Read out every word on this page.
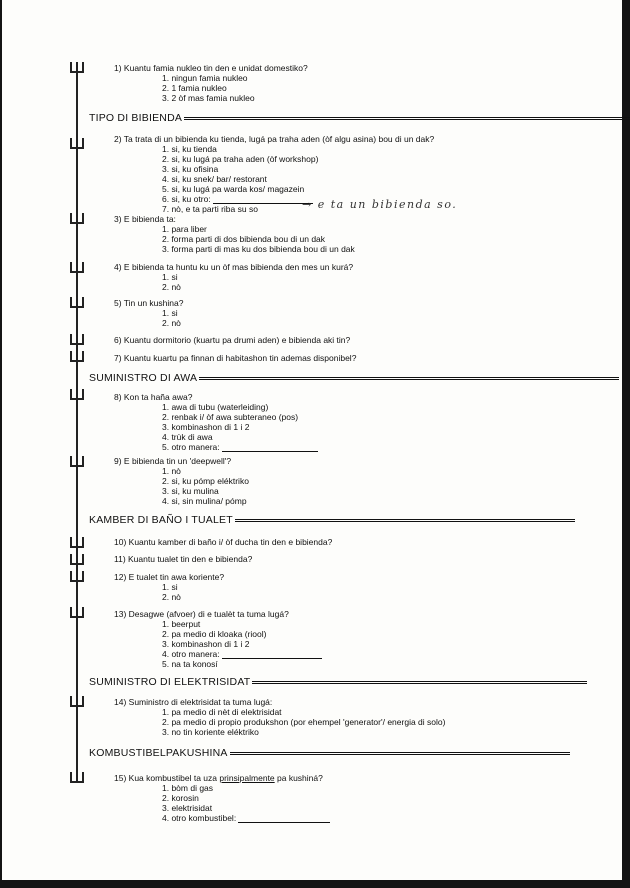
1) Kuantu famia nukleo tin den e unidat domestiko?
1. ningun famia nukleo
2. 1 famia nukleo
3. 2 òf mas famia nukleo
TIPO DI BIBIENDA
2) Ta trata di un bibienda ku tienda, lugá pa traha aden (òf algu asina) bou di un dak?
1. si, ku tienda
2. si, ku lugá pa traha aden (òf workshop)
3. si, ku ofisina
4. si, ku snek/ bar/ restorant
5. si, ku lugá pa warda kos/ magazein
6. si, ku otro:
7. nò, e ta parti riba su so	→ e ta un bibienda so.
3) E bibienda ta:
1. para liber
2. forma parti di dos bibienda bou di un dak
3. forma parti di mas ku dos bibienda bou di un dak
4) E bibienda ta huntu ku un òf mas bibienda den mes un kurá?
1. si
2. nò
5) Tin un kushina?
1. si
2. nò
6) Kuantu dormitorio (kuartu pa drumi aden) e bibienda aki tin?
7) Kuantu kuartu pa finnan di habitashon tin ademas disponibel?
SUMINISTRO DI AWA
8) Kon ta haña awa?
1. awa di tubu (waterleiding)
2. renbak i/ òf awa subteraneo (pos)
3. kombinashon di 1 i 2
4. trùk di awa
5. otro manera:
9) E bibienda tin un 'deepwell'?
1. nò
2. si, ku pómp eléktriko
3. si, ku mulina
4. si, sin mulina/ pómp
KAMBER DI BAÑO I TUALET
10) Kuantu kamber di baño i/ òf ducha tin den e bibienda?
11) Kuantu tualet tin den e bibienda?
12) E tualet tin awa koriente?
1. si
2. nò
13) Desagwe (afvoer) di e tualèt ta tuma lugá?
1. beerput
2. pa medio di kloaka (riool)
3. kombinashon di 1 i 2
4. otro manera:
5. na ta konosí
SUMINISTRO DI ELEKTRISIDAT
14) Suministro di elektrisidat ta tuma lugá:
1. pa medio di nèt di elektrisidat
2. pa medio di propio produkshon (por ehempel 'generator'/ energia di solo)
3. no tin koriente eléktriko
KOMBUSTIBELPAKUSHINA
15) Kua kombustibel ta uza prinsipalmente pa kushiná?
1. bòm di gas
2. korosin
3. elektrisidat
4. otro kombustibel:
